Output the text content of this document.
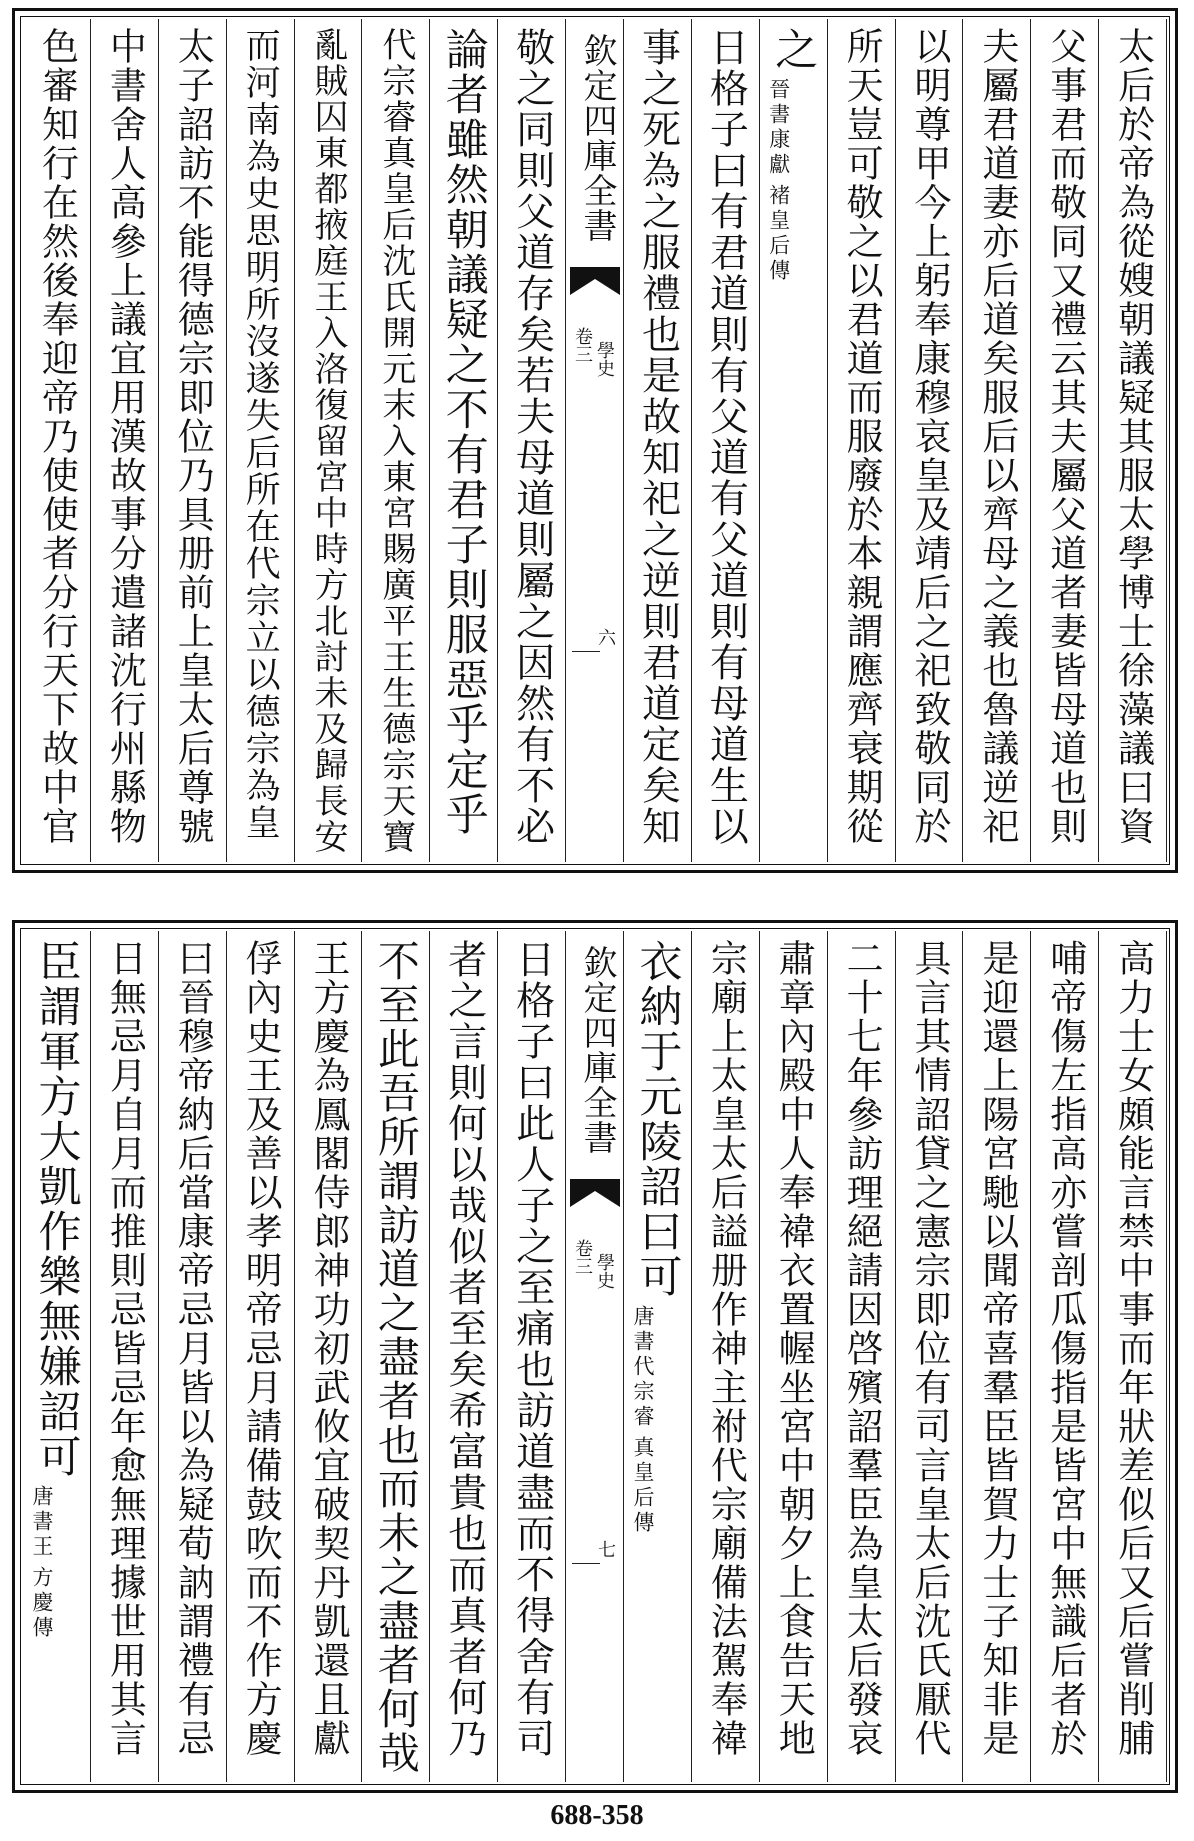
太后於帝為從嫂朝議疑其服太學博士徐藻議曰資
父事君而敬同又禮云其夫屬父道者妻皆母道也則
夫屬君道妻亦后道矣服后以齊母之義也魯議逆祀
以明尊甲今上躬奉康穆哀皇及靖后之祀致敬同於
所天豈可敬之以君道而服廢於本親謂應齊衰期從
之
晉書康獻
褚皇后傳
日格子曰有君道則有父道有父道則有母道生以
事之死為之服禮也是故知祀之逆則君道定矣知
欽定四庫全書
學史
卷三
六
敬之同則父道存矣若夫母道則屬之因然有不必
論者雖然朝議疑之不有君子則服惡乎定乎
代宗睿真皇后沈氏開元末入東宮賜廣平王生德宗天寶
亂賊囚東都掖庭王入洛復留宮中時方北討未及歸長安
而河南為史思明所沒遂失后所在代宗立以德宗為皇
太子詔訪不能得德宗即位乃具册前上皇太后尊號
中書舍人高參上議宜用漢故事分遣諸沈行州縣物
色審知行在然後奉迎帝乃使使者分行天下故中官
高力士女頗能言禁中事而年狀差似后又后嘗削脯
哺帝傷左指高亦嘗剖瓜傷指是皆宮中無識后者於
是迎還上陽宮馳以聞帝喜羣臣皆賀力士子知非是
具言其情詔貸之憲宗即位有司言皇太后沈氏厭代
二十七年參訪理絕請因啓殯詔羣臣為皇太后發哀
肅章內殿中人奉褘衣置幄坐宮中朝夕上食告天地
宗廟上太皇太后謚册作神主祔代宗廟備法駕奉褘
衣納于元陵詔曰可
唐書代宗睿
真皇后傳
欽定四庫全書
學史
卷三
七
日格子曰此人子之至痛也訪道盡而不得舍有司
者之言則何以哉似者至矣希富貴也而真者何乃
不至此吾所謂訪道之盡者也而未之盡者何哉
王方慶為鳳閣侍郎神功初武攸宜破契丹凱還且獻
俘內史王及善以孝明帝忌月請備鼓吹而不作方慶
曰晉穆帝納后當康帝忌月皆以為疑荀訥謂禮有忌
日無忌月自月而推則忌皆忌年愈無理據世用其言
臣謂軍方大凱作樂無嫌詔可
唐書王
方慶傳
688-358
